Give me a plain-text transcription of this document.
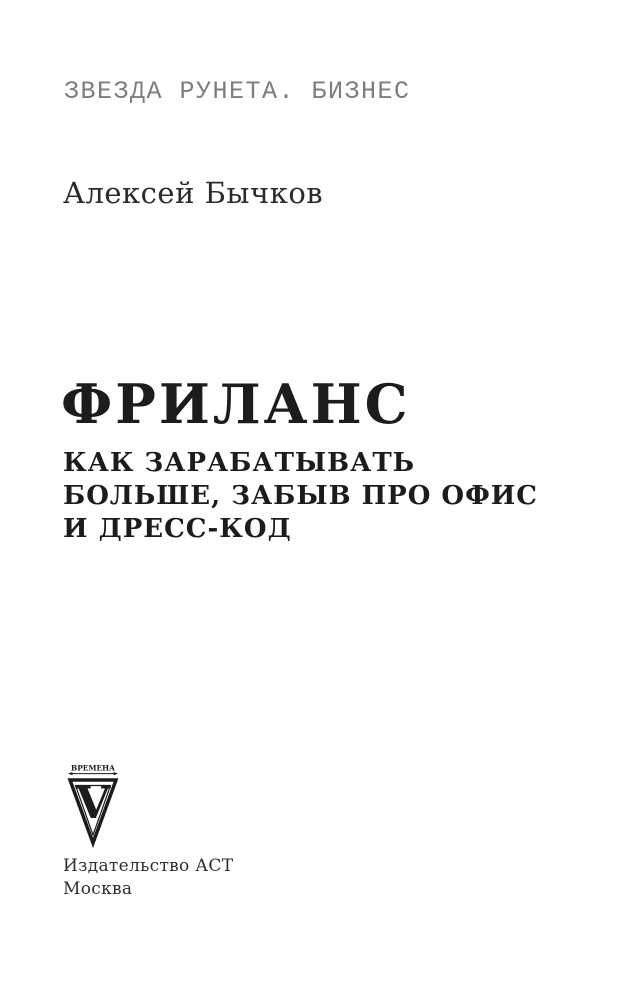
ЗВЕЗДА РУНЕТА. БИЗНЕС
Алексей Бычков
ФРИЛАНС
КАК ЗАРАБАТЫВАТЬ
БОЛЬШЕ, ЗАБЫВ ПРО ОФИС
И ДРЕСС-КОД
ВРЕМЕНА
V
Издательство АСТ
Москва
